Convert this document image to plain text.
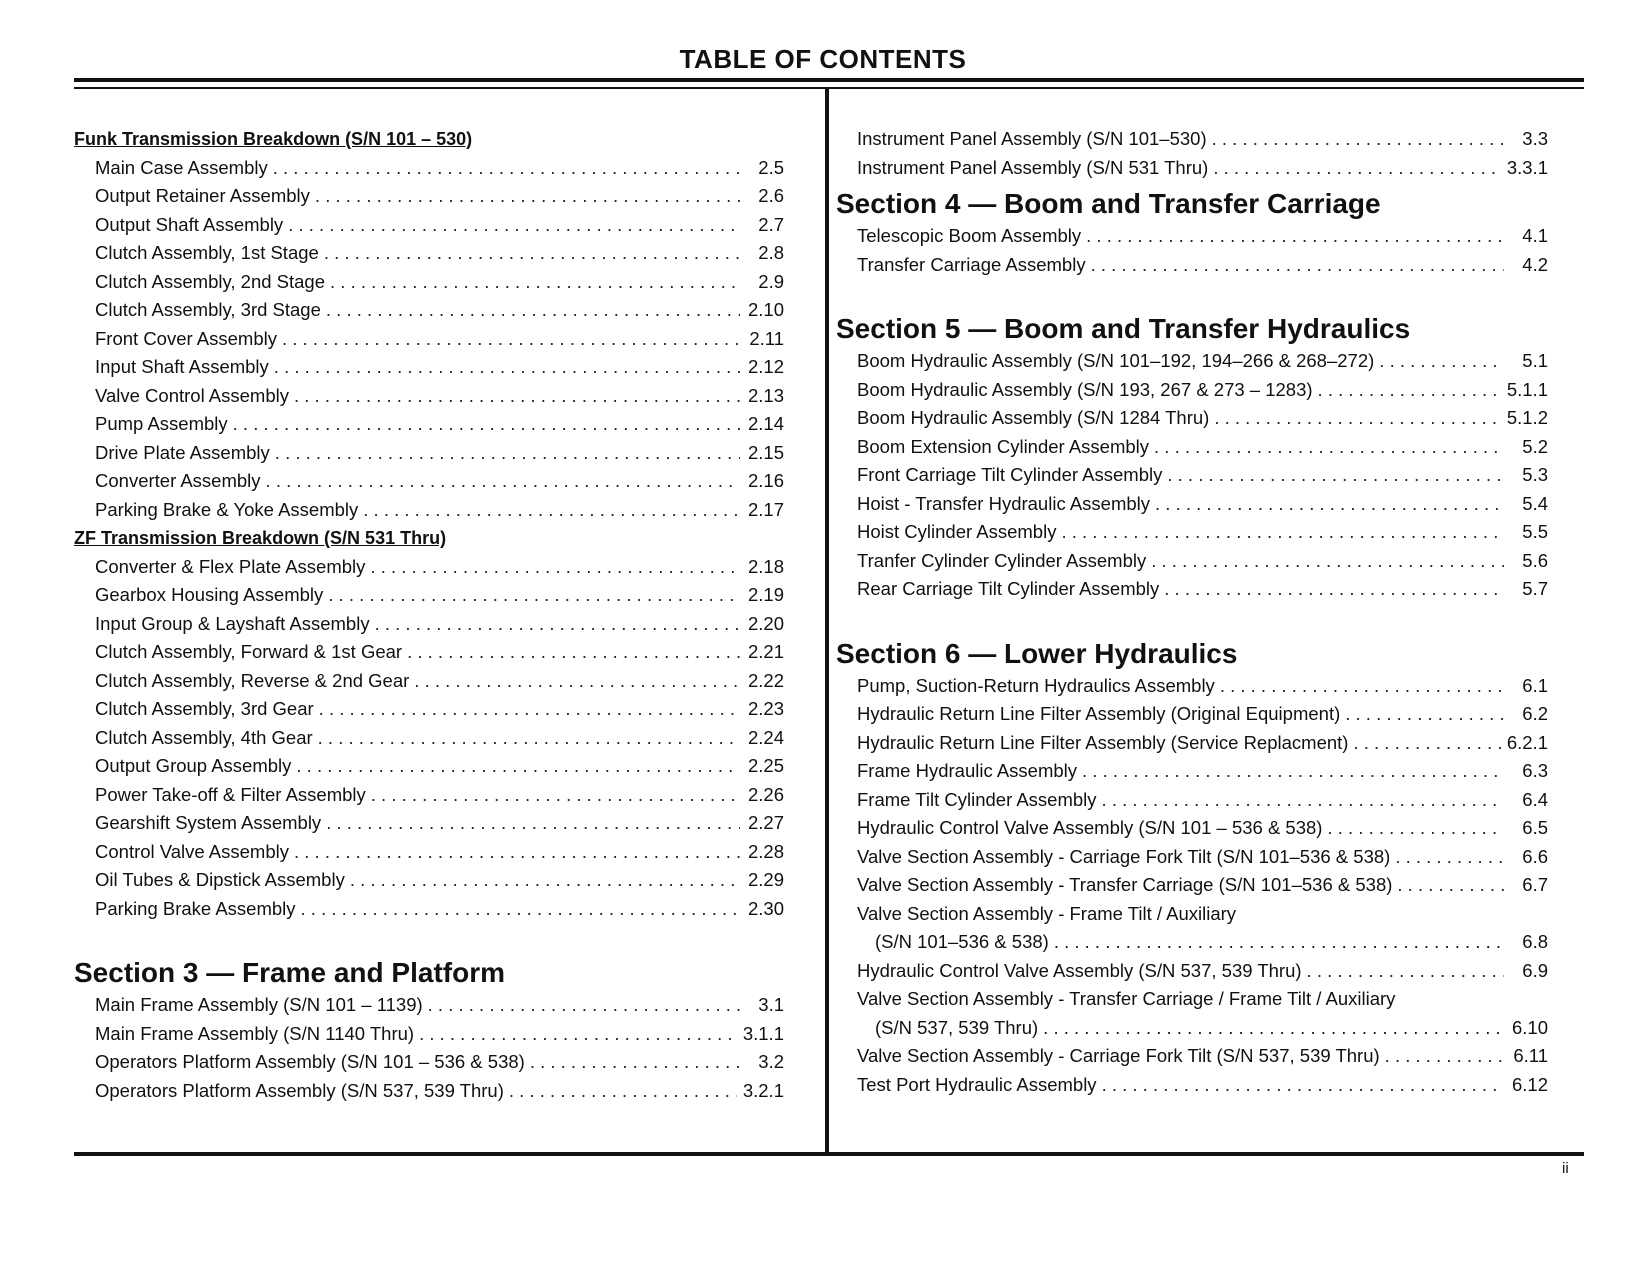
TABLE OF CONTENTS
ii
Funk Transmission Breakdown (S/N 101 – 530)
Main Case Assembly . . .	2.5
Output Retainer Assembly . . .	2.6
Output Shaft Assembly . . .	2.7
Clutch Assembly, 1st Stage . . .	2.8
Clutch Assembly, 2nd Stage . . .	2.9
Clutch Assembly, 3rd Stage . . .	2.10
Front Cover Assembly . . .	2.11
Input Shaft Assembly . . .	2.12
Valve Control Assembly . . .	2.13
Pump Assembly . . .	2.14
Drive Plate Assembly . . .	2.15
Converter Assembly . . .	2.16
Parking Brake & Yoke Assembly . . .	2.17
ZF Transmission Breakdown (S/N 531 Thru)
Converter & Flex Plate Assembly . . .	2.18
Gearbox Housing Assembly . . .	2.19
Input Group & Layshaft Assembly . . .	2.20
Clutch Assembly, Forward & 1st Gear . . .	2.21
Clutch Assembly, Reverse & 2nd Gear . . .	2.22
Clutch Assembly, 3rd Gear . . .	2.23
Clutch Assembly, 4th Gear . . .	2.24
Output Group Assembly . . .	2.25
Power Take-off & Filter Assembly . . .	2.26
Gearshift System Assembly . . .	2.27
Control Valve Assembly . . .	2.28
Oil Tubes & Dipstick Assembly . . .	2.29
Parking Brake Assembly . . .	2.30
Section 3 — Frame and Platform
Main Frame Assembly (S/N 101 – 1139) . . .	3.1
Main Frame Assembly (S/N 1140 Thru) . . .	3.1.1
Operators Platform Assembly (S/N 101 – 536 & 538) . . .	3.2
Operators Platform Assembly (S/N 537, 539 Thru) . . .	3.2.1
Instrument Panel Assembly (S/N 101–530) . . .	3.3
Instrument Panel Assembly (S/N 531 Thru) . . .	3.3.1
Section 4 — Boom and Transfer Carriage
Telescopic Boom Assembly . . .	4.1
Transfer Carriage Assembly . . .	4.2
Section 5 — Boom and Transfer Hydraulics
Boom Hydraulic Assembly (S/N 101–192, 194–266 & 268–272) . . .	5.1
Boom Hydraulic Assembly (S/N 193, 267 & 273 – 1283) . . .	5.1.1
Boom Hydraulic Assembly (S/N 1284 Thru) . . .	5.1.2
Boom Extension Cylinder Assembly . . .	5.2
Front Carriage Tilt Cylinder Assembly . . .	5.3
Hoist - Transfer Hydraulic Assembly . . .	5.4
Hoist Cylinder Assembly . . .	5.5
Tranfer Cylinder Cylinder Assembly . . .	5.6
Rear Carriage Tilt Cylinder Assembly . . .	5.7
Section 6 — Lower Hydraulics
Pump, Suction-Return Hydraulics Assembly . . .	6.1
Hydraulic Return Line Filter Assembly (Original Equipment) . . .	6.2
Hydraulic Return Line Filter Assembly (Service Replacment) . . .	6.2.1
Frame Hydraulic Assembly . . .	6.3
Frame Tilt Cylinder Assembly . . .	6.4
Hydraulic Control Valve Assembly (S/N 101 – 536 & 538) . . .	6.5
Valve Section Assembly - Carriage Fork Tilt (S/N 101–536 & 538) . . .	6.6
Valve Section Assembly - Transfer Carriage (S/N 101–536 & 538) . . .	6.7
Valve Section Assembly - Frame Tilt / Auxiliary
(S/N 101–536 & 538) . . .	6.8
Hydraulic Control Valve Assembly (S/N 537, 539 Thru) . . .	6.9
Valve Section Assembly - Transfer Carriage / Frame Tilt / Auxiliary
(S/N 537, 539 Thru) . . .	6.10
Valve Section Assembly - Carriage Fork Tilt (S/N 537, 539 Thru) . . .	6.11
Test Port Hydraulic Assembly . . .	6.12
